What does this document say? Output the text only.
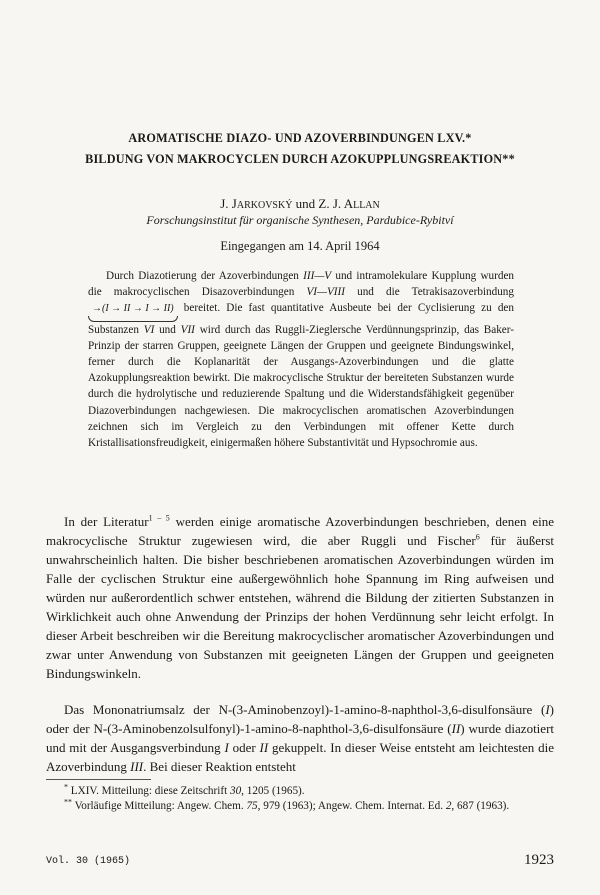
AROMATISCHE DIAZO- UND AZOVERBINDUNGEN LXV.*
BILDUNG VON MAKROCYCLEN DURCH AZOKUPPLUNGSREAKTION**

J. JARKOVSKÝ und Z. J. ALLAN

Forschungsinstitut für organische Synthesen, Pardubice-Rybitví

Eingegangen am 14. April 1964

Durch Diazotierung der Azoverbindungen III—V und intramolekulare Kupplung wurden die makrocyclischen Disazoverbindungen VI—VIII und die Tetrakisazoverbindung →(I → II → I → II) bereitet. Die fast quantitative Ausbeute bei der Cyclisierung zu den Substanzen VI und VII wird durch das Ruggli-Zieglersche Verdünnungsprinzip, das Baker-Prinzip der starren Gruppen, geeignete Längen der Gruppen und geeignete Bindungswinkel, ferner durch die Koplanarität der Ausgangs-Azoverbindungen und die glatte Azokupplungsreaktion bewirkt. Die makrocyclische Struktur der bereiteten Substanzen wurde durch die hydrolytische und reduzierende Spaltung und die Widerstandsfähigkeit gegenüber Diazoverbindungen nachgewiesen. Die makrocyclischen aromatischen Azoverbindungen zeichnen sich im Vergleich zu den Verbindungen mit offener Kette durch Kristallisationsfreudigkeit, einigermaßen höhere Substantivität und Hypsochromie aus.

In der Literatur$^{1 - 5}$ werden einige aromatische Azoverbindungen beschrieben, denen eine makrocyclische Struktur zugewiesen wird, die aber Ruggli und Fischer$^6$ für äußerst unwahrscheinlich halten. Die bisher beschriebenen aromatischen Azoverbindungen würden im Falle der cyclischen Struktur eine außergewöhnlich hohe Spannung im Ring aufweisen und würden nur außerordentlich schwer entstehen, während die Bildung der zitierten Substanzen in Wirklichkeit auch ohne Anwendung der Prinzips der hohen Verdünnung sehr leicht erfolgt. In dieser Arbeit beschreiben wir die Bereitung makrocyclischer aromatischer Azoverbindungen und zwar unter Anwendung von Substanzen mit geeigneten Längen der Gruppen und geeigneten Bindungswinkeln.

Das Mononatriumsalz der N-(3-Aminobenzoyl)-1-amino-8-naphthol-3,6-disulfonsäure (I) oder der N-(3-Aminobenzolsulfonyl)-1-amino-8-naphthol-3,6-disulfonsäure (II) wurde diazotiert und mit der Ausgangsverbindung I oder II gekuppelt. In dieser Weise entsteht am leichtesten die Azoverbindung III. Bei dieser Reaktion entsteht

* LXIV. Mitteilung: diese Zeitschrift 30, 1205 (1965).

** Vorläufige Mitteilung: Angew. Chem. 75, 979 (1963); Angew. Chem. Internat. Ed. 2, 687 (1963).

Vol. 30 (1965)	1923
